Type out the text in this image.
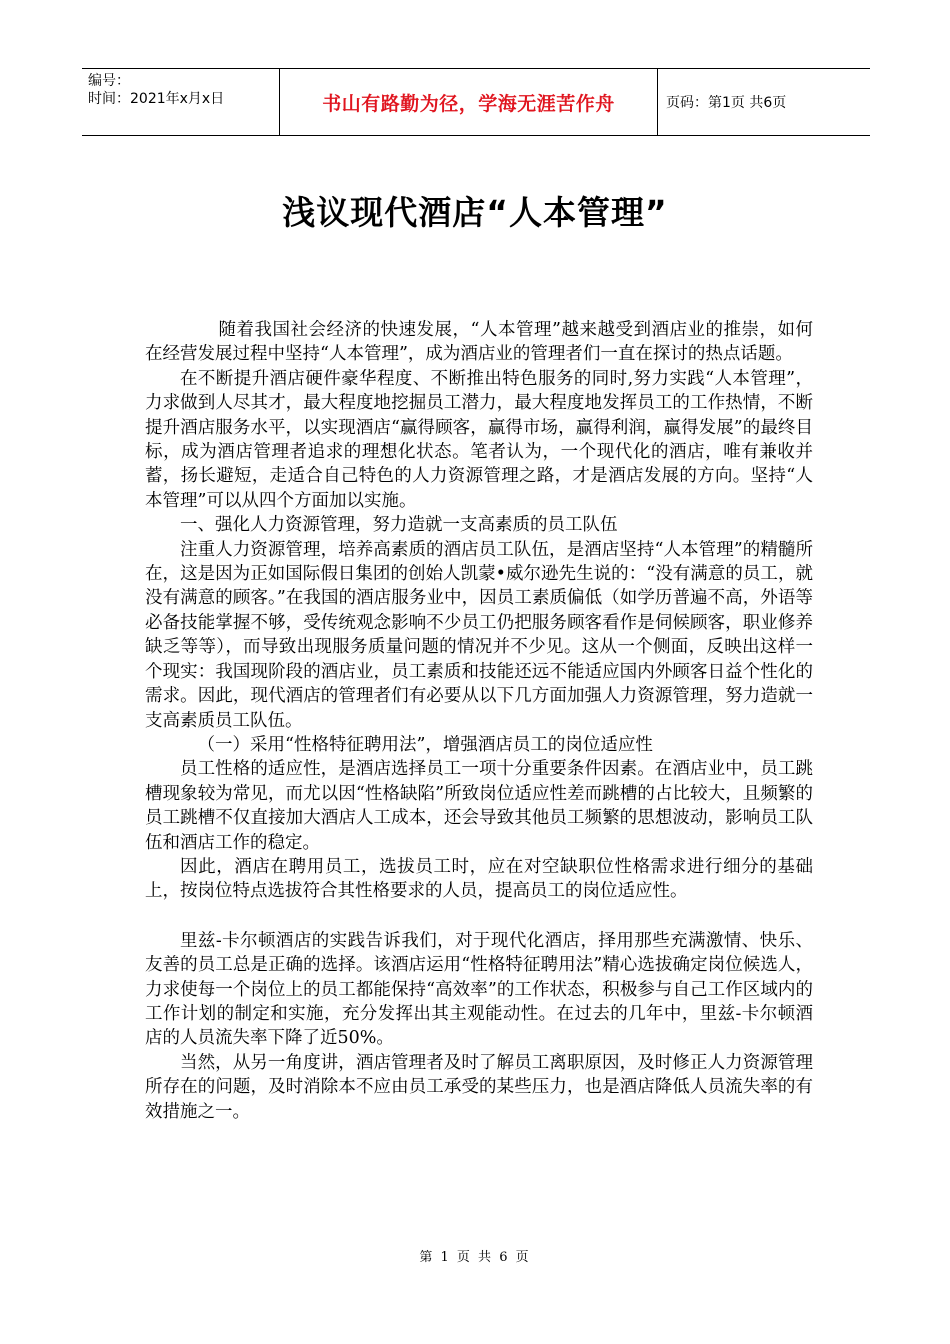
编号：
时间：2021年x月x日	书山有路勤为径，学海无涯苦作舟	页码：第1页 共6页
浅议现代酒店“人本管理”

随着我国社会经济的快速发展，“人本管理”越来越受到酒店业的推崇，如何在经营发展过程中坚持“人本管理”，成为酒店业的管理者们一直在探讨的热点话题。

在不断提升酒店硬件豪华程度、不断推出特色服务的同时,努力实践“人本管理”，力求做到人尽其才，最大程度地挖掘员工潜力，最大程度地发挥员工的工作热情，不断提升酒店服务水平，以实现酒店“赢得顾客，赢得市场，赢得利润，赢得发展”的最终目标，成为酒店管理者追求的理想化状态。笔者认为，一个现代化的酒店，唯有兼收并蓄，扬长避短，走适合自己特色的人力资源管理之路，才是酒店发展的方向。坚持“人本管理”可以从四个方面加以实施。

一、强化人力资源管理，努力造就一支高素质的员工队伍

注重人力资源管理，培养高素质的酒店员工队伍，是酒店坚持“人本管理”的精髓所在，这是因为正如国际假日集团的创始人凯蒙•威尔逊先生说的：“没有满意的员工，就没有满意的顾客。”在我国的酒店服务业中，因员工素质偏低（如学历普遍不高，外语等必备技能掌握不够，受传统观念影响不少员工仍把服务顾客看作是伺候顾客，职业修养缺乏等等），而导致出现服务质量问题的情况并不少见。这从一个侧面，反映出这样一个现实：我国现阶段的酒店业，员工素质和技能还远不能适应国内外顾客日益个性化的需求。因此，现代酒店的管理者们有必要从以下几方面加强人力资源管理，努力造就一支高素质员工队伍。

（一）采用“性格特征聘用法”，增强酒店员工的岗位适应性

员工性格的适应性，是酒店选择员工一项十分重要条件因素。在酒店业中，员工跳槽现象较为常见，而尤以因“性格缺陷”所致岗位适应性差而跳槽的占比较大，且频繁的员工跳槽不仅直接加大酒店人工成本，还会导致其他员工频繁的思想波动，影响员工队伍和酒店工作的稳定。

因此，酒店在聘用员工，选拔员工时，应在对空缺职位性格需求进行细分的基础上，按岗位特点选拔符合其性格要求的人员，提高员工的岗位适应性。

里兹-卡尔顿酒店的实践告诉我们，对于现代化酒店，择用那些充满激情、快乐、友善的员工总是正确的选择。该酒店运用“性格特征聘用法”精心选拔确定岗位候选人，力求使每一个岗位上的员工都能保持“高效率”的工作状态，积极参与自己工作区域内的工作计划的制定和实施，充分发挥出其主观能动性。在过去的几年中，里兹-卡尔顿酒店的人员流失率下降了近50%。

当然，从另一角度讲，酒店管理者及时了解员工离职原因，及时修正人力资源管理所存在的问题，及时消除本不应由员工承受的某些压力，也是酒店降低人员流失率的有效措施之一。

第 1 页 共 6 页
